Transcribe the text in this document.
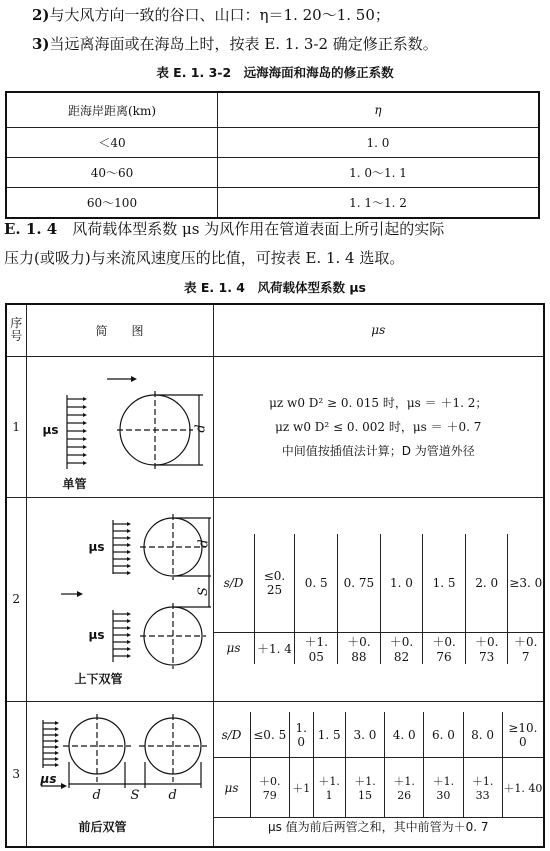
2)与大风方向一致的谷口、山口：η＝1. 20～1. 50；
3)当远离海面或在海岛上时，按表 E. 1. 3-2 确定修正系数。
表 E. 1. 3-2　远海海面和海岛的修正系数
距海岸距离(km)	η
＜40	1. 0
40～60	1. 0～1. 1
60～100	1. 1～1. 2
E. 1. 4　 风荷载体型系数 μs 为风作用在管道表面上所引起的实际
压力(或吸力)与来流风速度压的比值，可按表 E. 1. 4 选取。
表 E. 1. 4　风荷载体型系数 μs
序号	简　　图	μs
1	μs	d
单管

μz w0 D² ≥ 0. 015 时，μs ＝ ＋1. 2；
μz w0 D² ≤ 0. 002 时，μs ＝ ＋0. 7
中间值按插值法计算；D 为管道外径

2	
μs
μs
d
S
上下双管

s/D	≤0. 25	0. 5	0. 75	1. 0	1. 5	2. 0	≥3. 0
μs	＋1. 4	＋1. 05	＋0. 88	＋0. 82	＋0. 76	＋0. 73	＋0. 7

3	μs
d S d
前后双管

s/D	≤0. 5	1. 0	1. 5	3. 0	4. 0	6. 0	8. 0	≥10. 0
μs	＋0. 79	＋1	＋1. 1	＋1. 15	＋1. 26	＋1. 30	＋1. 33	＋1. 40
μs 值为前后两管之和，其中前管为＋0. 7
